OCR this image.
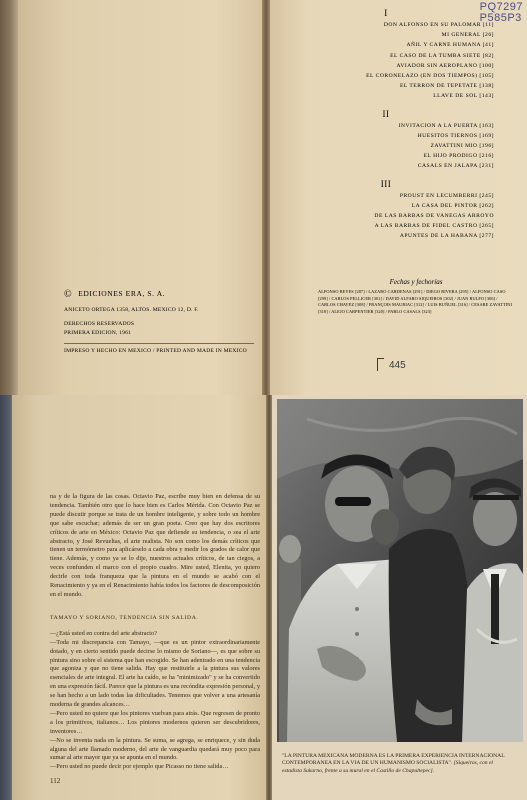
© EDICIONES ERA, S. A.
ANICETO ORTEGA 1358, ALTOS. MEXICO 12, D. F.
DERECHOS RESERVADOS
PRIMERA EDICION, 1961
IMPRESO Y HECHO EN MEXICO / PRINTED AND MADE IN MEXICO
PQ7297
P585P3
I
DON ALFONSO EN SU PALOMAR [11]
MI GENERAL [26]
AÑIL Y CARNE HUMANA [41]
EL CASO DE LA TUMBA SIETE [82]
AVIADOR SIN AEROPLANO [100]
EL CORONELAZO (EN DOS TIEMPOS) [105]
EL TERRON DE TEPETATE [138]
LLAVE DE SOL [143]
II
INVITACION A LA PUERTA [163]
HUESITOS TIERNOS [169]
ZAVATTINI MIO [196]
EL HIJO PRODIGO [216]
CASALS EN JALAPA [231]
III
PROUST EN LECUMBERRI [245]
LA CASA DEL PINTOR [262]
DE LAS BARBAS DE VANEGAS ARROYO
A LAS BARBAS DE FIDEL CASTRO [265]
APUNTES DE LA HABANA [277]
Fechas y fechorías
ALFONSO REYES [287] / LAZARO CARDENAS [291] / DIEGO RIVERA [295] / ALFONSO CASO [299] / CARLOS PELLICER [301] / DAVID ALFARO SIQUEIROS [302] / JUAN RULFO [306] / CARLOS CHAVEZ [308] / FRANÇOIS MAURIAC [312] / LUIS BUÑUEL [316] / CESARE ZAVATTINI [318] / ALEJO CARPENTIER [320] / PABLO CASALS [323]
445

na y de la figura de las cosas. Octavio Paz, escribe muy bien en defensa de su tendencia. También otro que lo hace bien es Carlos Mérida. Con Octavio Paz se puede discutir porque se trata de un hombre inteligente, y sobre todo un hombre que sabe escuchar; además de ser un gran poeta. Creo que hay dos escritores críticos de arte en México: Octavio Paz que defiende su tendencia, o sea el arte abstracto, y José Revueltas, el arte realista. No son como los demás críticos que tienen un termómetro para aplicárselo a cada obra y medir los grados de calor que tiene. Además, y como ya se lo dije, nuestros actuales críticos, de tan ciegos, a veces confunden el marco con el propio cuadro. Mire usted, Elenita, yo quiero decirle con toda franqueza que la pintura en el mundo se acabó con el Renacimiento y ya en el Renacimiento había todos los factores de descomposición en el mundo.

TAMAYO Y SORIANO, TENDENCIA SIN SALIDA.

—¿Está usted en contra del arte abstracto?

—Toda mi discrepancia con Tamayo, —que es un pintor extraordinariamente dotado, y en cierto sentido puede decirse lo mismo de Soriano—, es que sobre su pintura sino sobre el sistema que han escogido. Se han adentrado en una tendencia que agoniza y que no tiene salida. Hay que restituirle a la pintura sus valores esenciales de arte integral. El arte ha caído, se ha "minimizado" y se ha convertido en una expresión fácil. Parece que la pintura es una recóndita expresión personal, y se han hecho a un lado todas las dificultades. Tenemos que volver a una artesanía moderna de grandes alcances…

—Pero usted no quiere que los pintores vuelvan para atrás. Que regresen de pronto a los primitivos, italianos… Los pintores modernos quieren ser descubridores, inventores…

—No se inventa nada en la pintura. Se suma, se agrega, se enriquece, y sin duda alguna del arte llamado moderno, del arte de vanguardia quedará muy poco para sumar al arte mayor que ya se apunta en el mundo.

—Pero usted no puede decir por ejemplo que Picasso no tiene salida…

112
"LA PINTURA MEXICANA MODERNA ES LA PRIMERA EXPERIENCIA INTERNACIONAL CONTEMPORANEA EN LA VIA DE UN HUMANISMO SOCIALISTA". [Siqueiros, con el estadista Sukarno, frente a su mural en el Castillo de Chapultepec].
